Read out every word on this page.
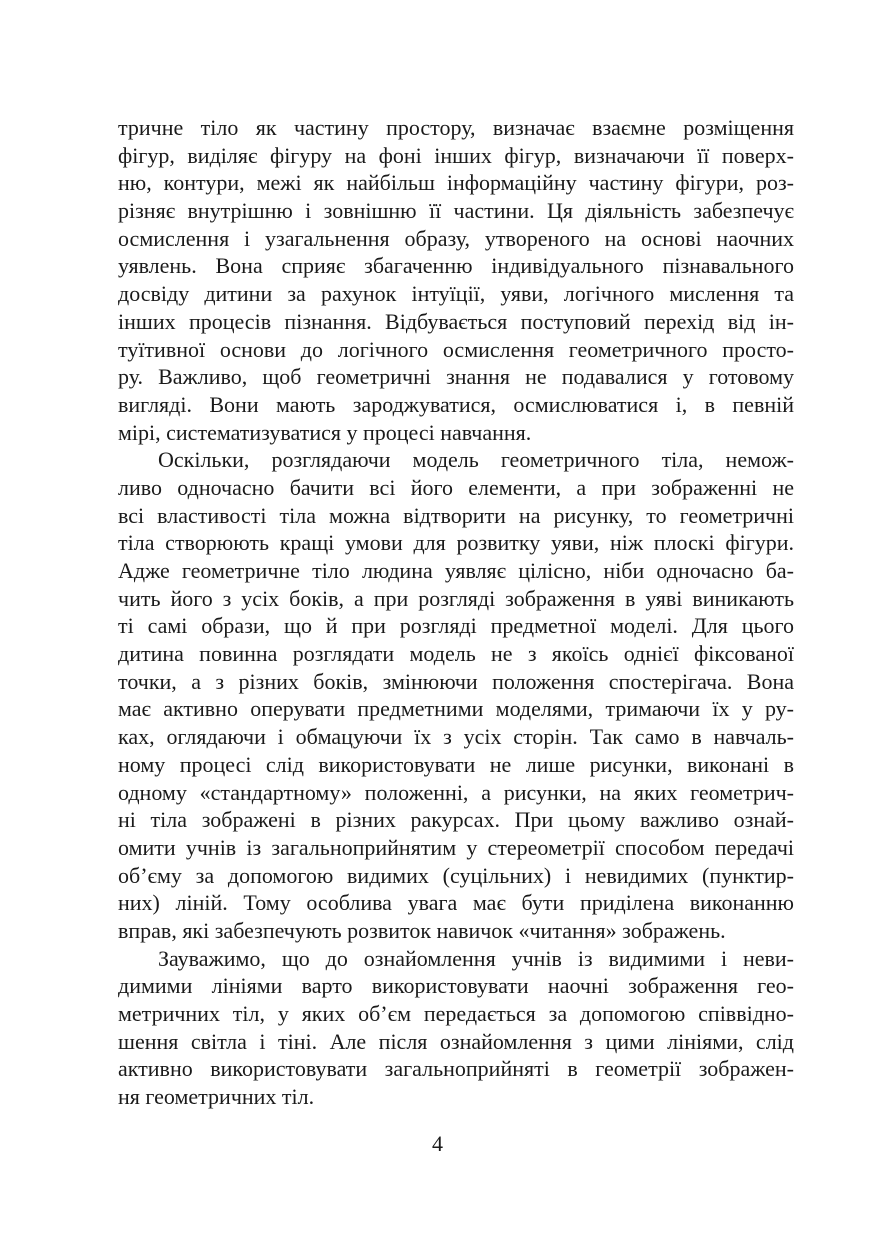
тричне тіло як частину простору, визначає взаємне розміщення
фігур, виділяє фігуру на фоні інших фігур, визначаючи її поверх-
ню, контури, межі як найбільш інформаційну частину фігури, роз-
різняє внутрішню і зовнішню її частини. Ця діяльність забезпечує
осмислення і узагальнення образу, утвореного на основі наочних
уявлень. Вона сприяє збагаченню індивідуального пізнавального
досвіду дитини за рахунок інтуїції, уяви, логічного мислення та
інших процесів пізнання. Відбувається поступовий перехід від ін-
туїтивної основи до логічного осмислення геометричного просто-
ру. Важливо, щоб геометричні знання не подавалися у готовому
вигляді. Вони мають зароджуватися, осмислюватися і, в певній
мірі, систематизуватися у процесі навчання.
Оскільки, розглядаючи модель геометричного тіла, немож-
ливо одночасно бачити всі його елементи, а при зображенні не
всі властивості тіла можна відтворити на рисунку, то геометричні
тіла створюють кращі умови для розвитку уяви, ніж плоскі фігури.
Адже геометричне тіло людина уявляє цілісно, ніби одночасно ба-
чить його з усіх боків, а при розгляді зображення в уяві виникають
ті самі образи, що й при розгляді предметної моделі. Для цього
дитина повинна розглядати модель не з якоїсь однієї фіксованої
точки, а з різних боків, змінюючи положення спостерігача. Вона
має активно оперувати предметними моделями, тримаючи їх у ру-
ках, оглядаючи і обмацуючи їх з усіх сторін. Так само в навчаль-
ному процесі слід використовувати не лише рисунки, виконані в
одному «стандартному» положенні, а рисунки, на яких геометрич-
ні тіла зображені в різних ракурсах. При цьому важливо ознай-
омити учнів із загальноприйнятим у стереометрії способом передачі
об’єму за допомогою видимих (суцільних) і невидимих (пунктир-
них) ліній. Тому особлива увага має бути приділена виконанню
вправ, які забезпечують розвиток навичок «читання» зображень.
Зауважимо, що до ознайомлення учнів із видимими і неви-
димими лініями варто використовувати наочні зображення гео-
метричних тіл, у яких об’єм передається за допомогою співвідно-
шення світла і тіні. Але після ознайомлення з цими лініями, слід
активно використовувати загальноприйняті в геометрії зображен-
ня геометричних тіл.
4
